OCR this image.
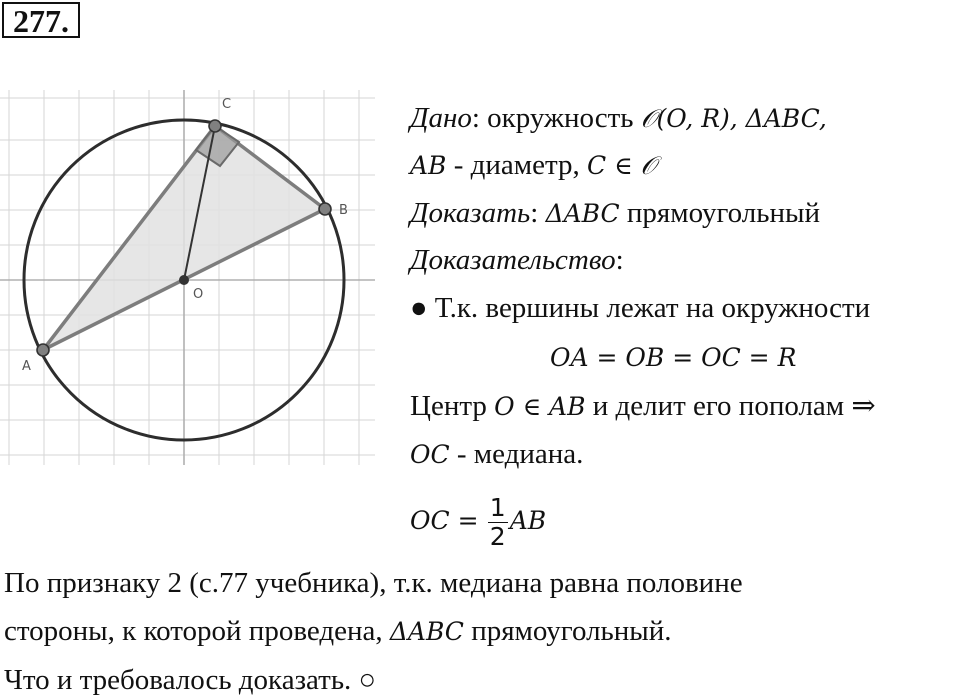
277.
A
B
C
O
Дано: окружность 𝒪(O, R), ΔABC,
AB - диаметр, C ∈ 𝒪
Доказать: ΔABC прямоугольный
Доказательство:
● Т.к. вершины лежат на окружности
OA = OB = OC = R
Центр O ∈ AB и делит его пополам ⇒
OC - медиана.
OC = $\frac{1}{2}$ AB
По признаку 2 (с.77 учебника), т.к. медиана равна половине
стороны, к которой проведена, ΔABC прямоугольный.
Что и требовалось доказать. ○
